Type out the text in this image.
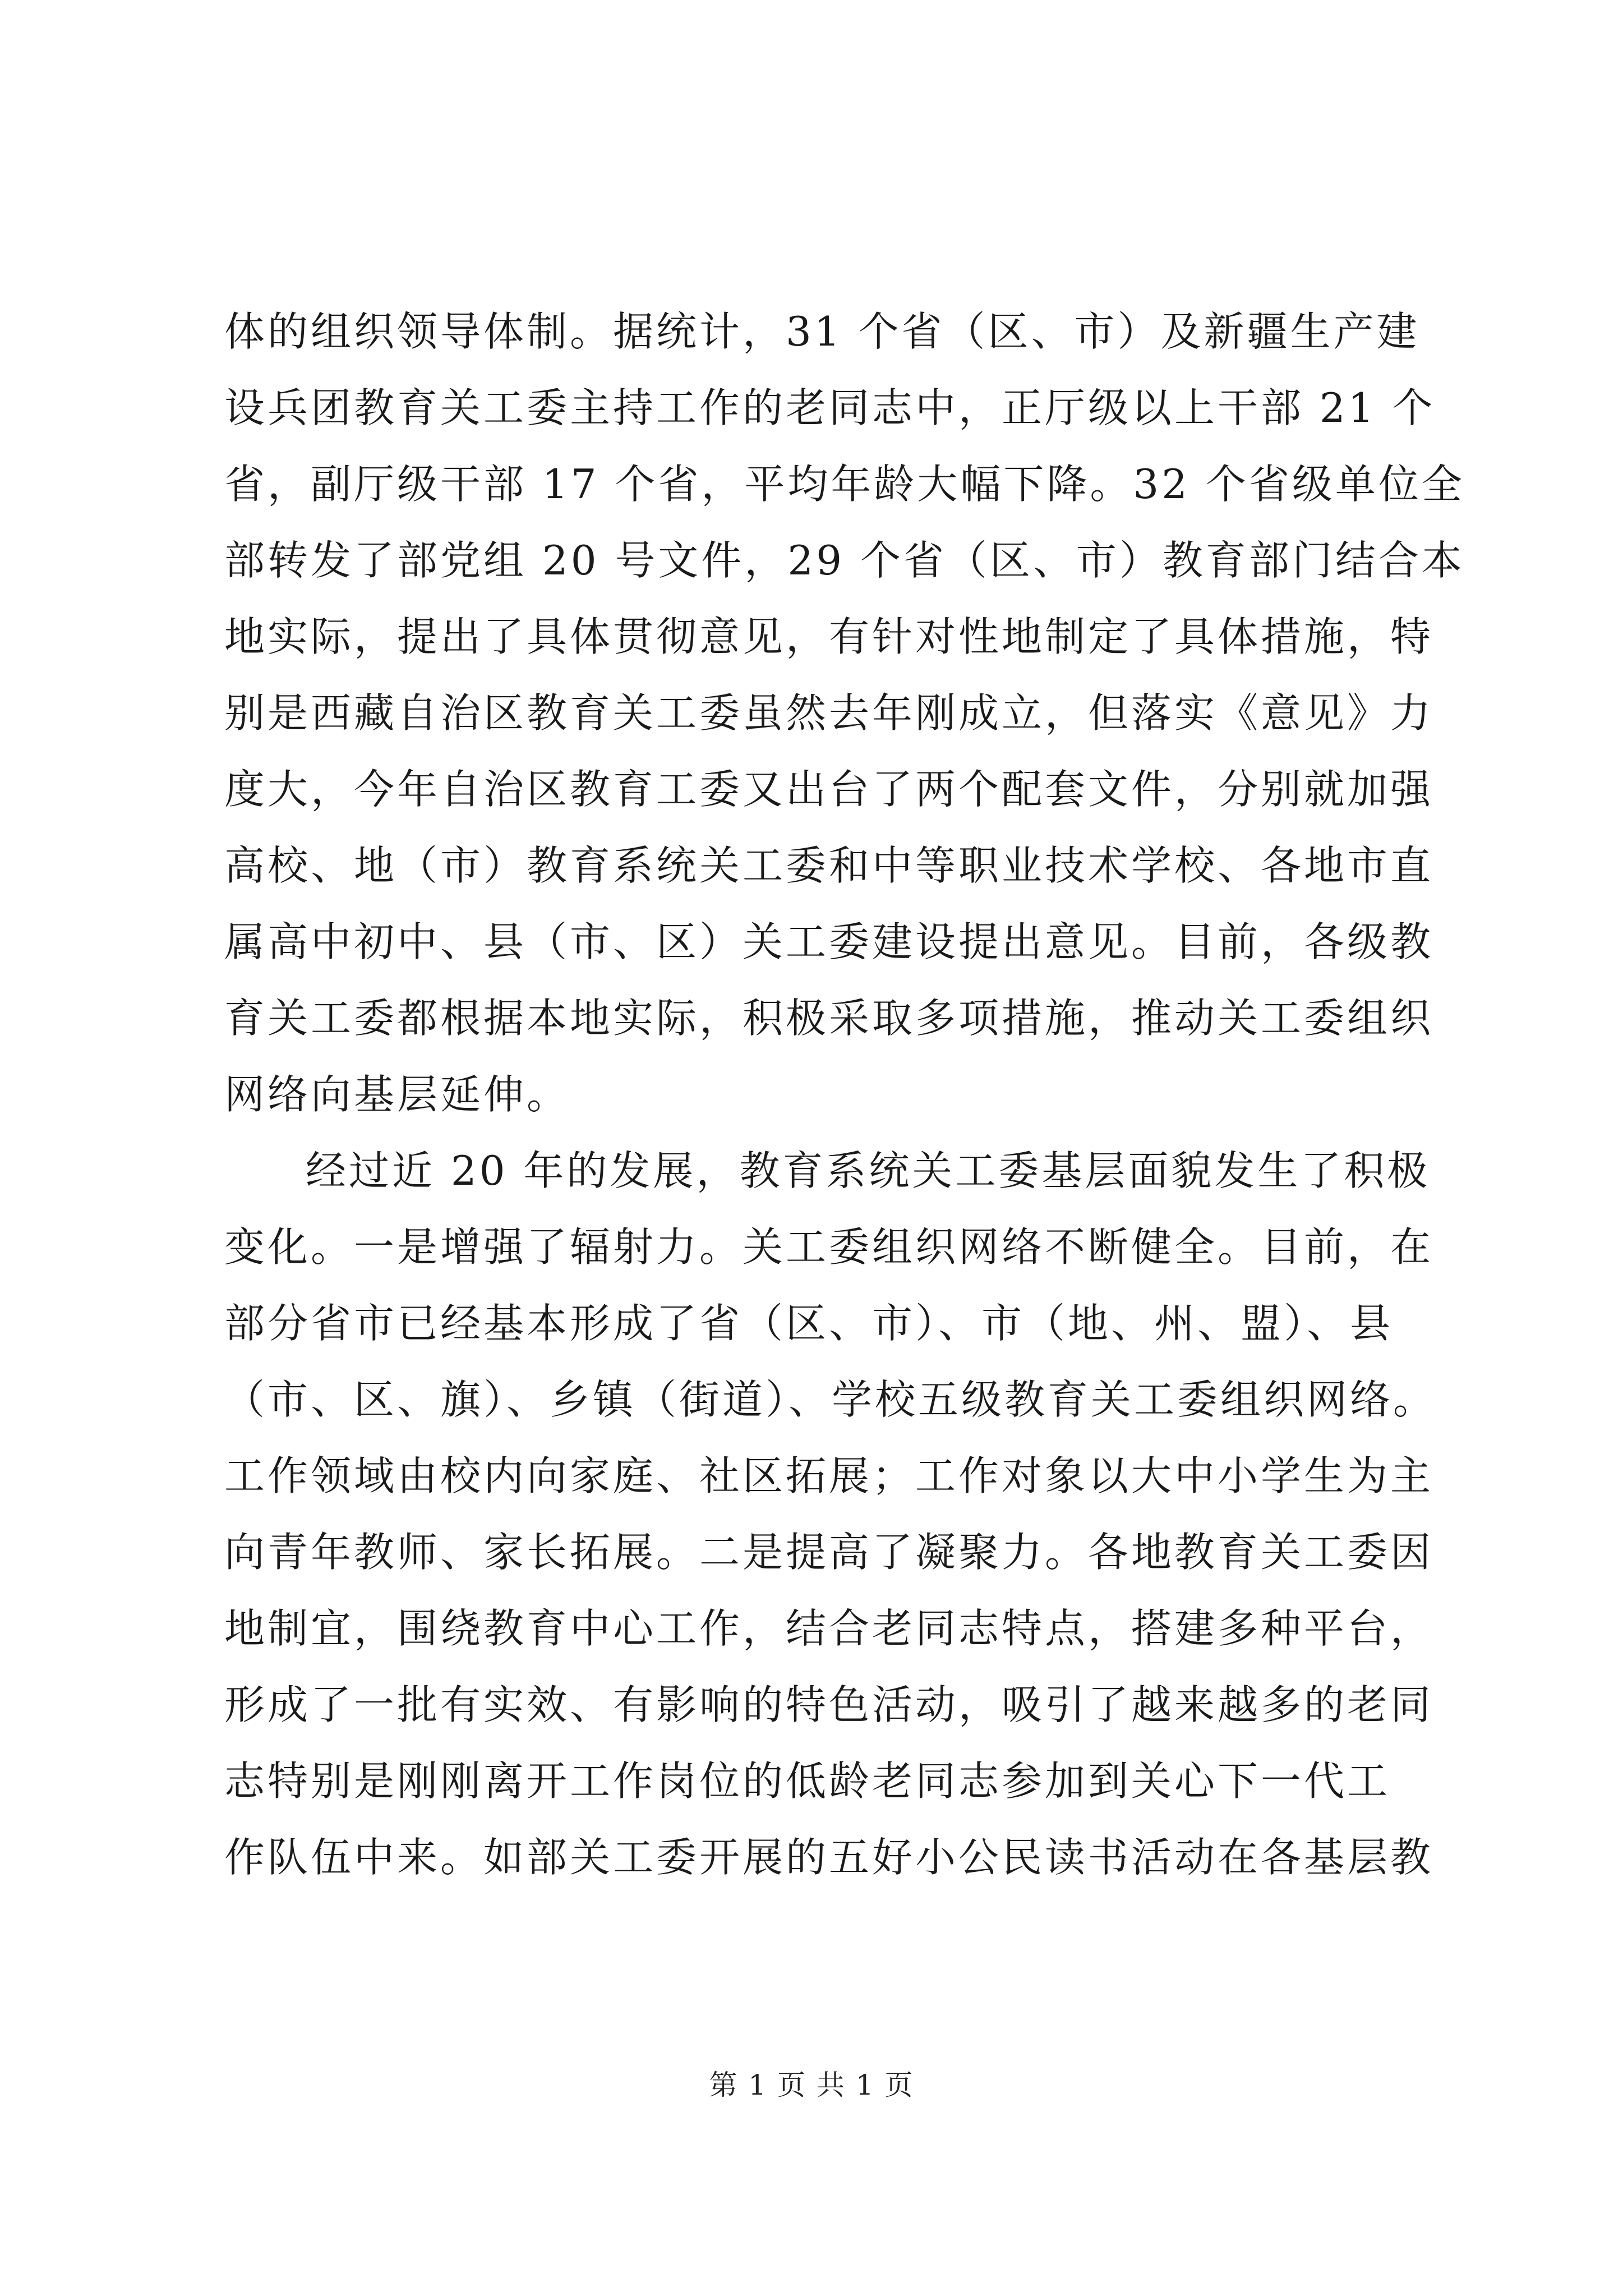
体的组织领导体制。据统计，31 个省（区、市）及新疆生产建
设兵团教育关工委主持工作的老同志中，正厅级以上干部 21 个
省，副厅级干部 17 个省，平均年龄大幅下降。32 个省级单位全
部转发了部党组 20 号文件，29 个省（区、市）教育部门结合本
地实际，提出了具体贯彻意见，有针对性地制定了具体措施，特
别是西藏自治区教育关工委虽然去年刚成立，但落实《意见》力
度大，今年自治区教育工委又出台了两个配套文件，分别就加强
高校、地（市）教育系统关工委和中等职业技术学校、各地市直
属高中初中、县（市、区）关工委建设提出意见。目前，各级教
育关工委都根据本地实际，积极采取多项措施，推动关工委组织
网络向基层延伸。
经过近 20 年的发展，教育系统关工委基层面貌发生了积极
变化。一是增强了辐射力。关工委组织网络不断健全。目前，在
部分省市已经基本形成了省（区、市）、市（地、州、盟）、县
（市、区、旗）、乡镇（街道）、学校五级教育关工委组织网络。
工作领域由校内向家庭、社区拓展；工作对象以大中小学生为主
向青年教师、家长拓展。二是提高了凝聚力。各地教育关工委因
地制宜，围绕教育中心工作，结合老同志特点，搭建多种平台，
形成了一批有实效、有影响的特色活动，吸引了越来越多的老同
志特别是刚刚离开工作岗位的低龄老同志参加到关心下一代工
作队伍中来。如部关工委开展的五好小公民读书活动在各基层教
第 1 页 共 1 页
